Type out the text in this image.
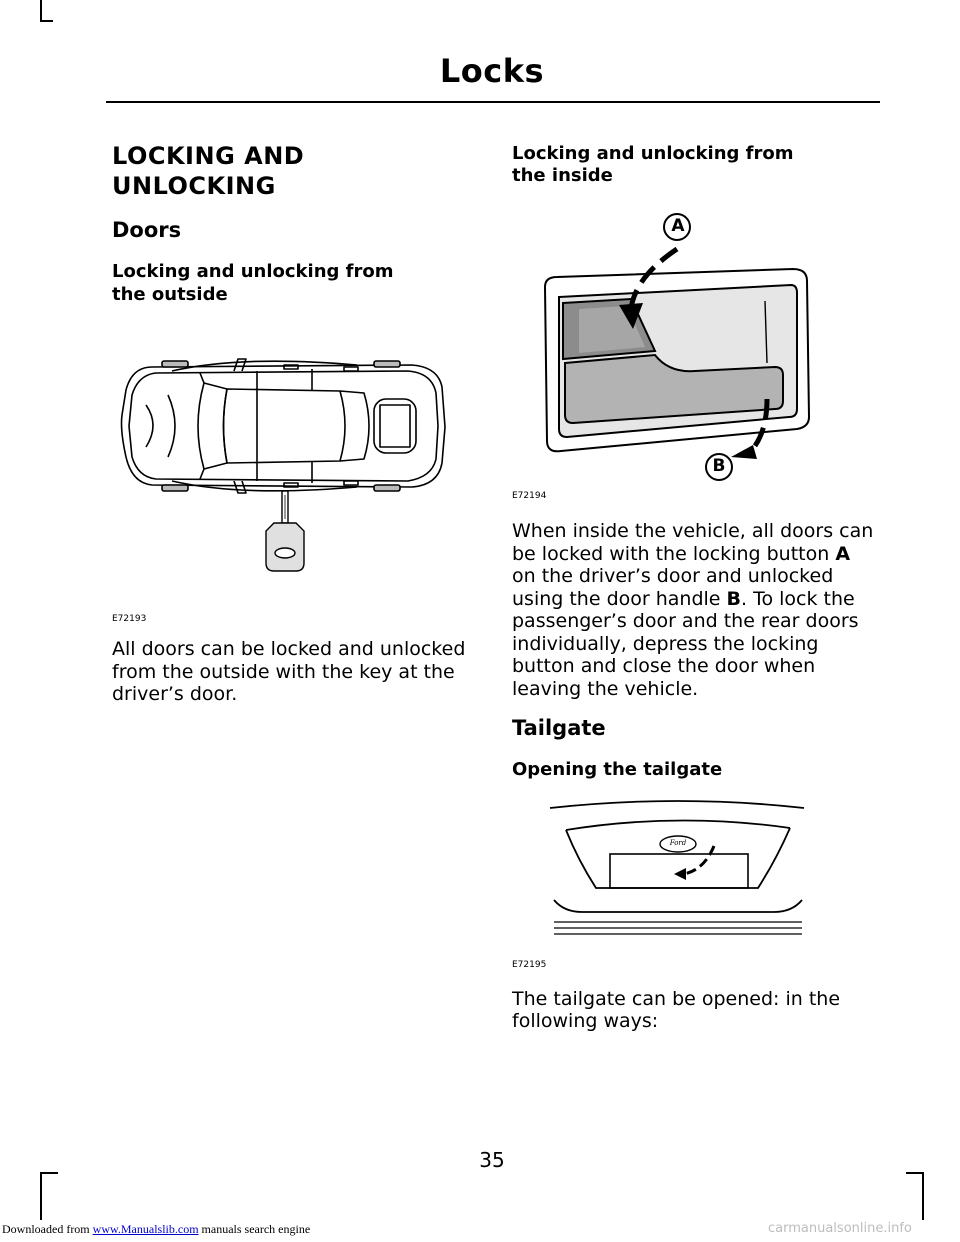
Locks
LOCKING AND
UNLOCKING
Doors
Locking and unlocking from
the outside
E72193
All doors can be locked and unlocked
from the outside with the key at the
driver’s door.
Locking and unlocking from
the inside
A
B
E72194
When inside the vehicle, all doors can
be locked with the locking button A
on the driver’s door and unlocked
using the door handle B. To lock the
passenger’s door and the rear doors
individually, depress the locking
button and close the door when
leaving the vehicle.
Tailgate
Opening the tailgate
Ford
E72195
The tailgate can be opened: in the
following ways:
35
Downloaded from www.Manualslib.com manuals search engine	carmanualsonline.info
